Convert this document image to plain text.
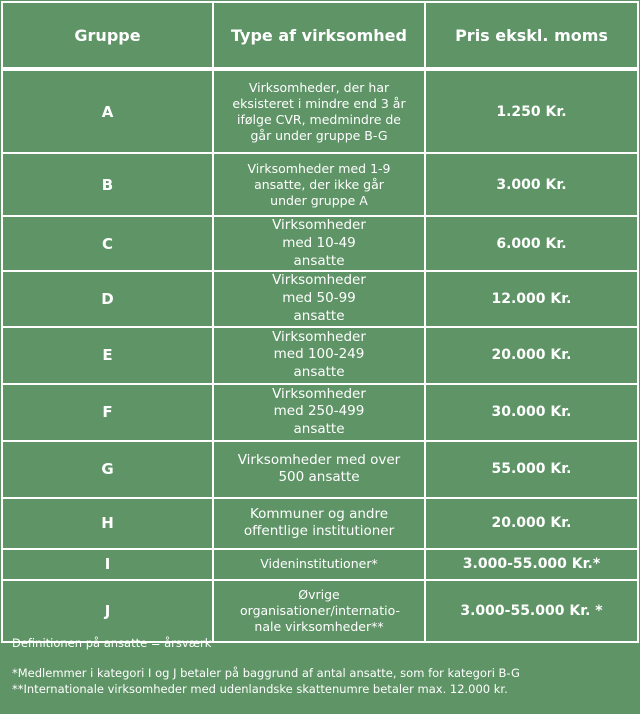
Gruppe	Type af virksomhed	Pris ekskl. moms
A	Virksomheder, der har eksisteret i mindre end 3 år ifølge CVR, medmindre de går under gruppe B-G	1.250 Kr.
B	Virksomheder med 1-9 ansatte, der ikke går under gruppe A	3.000 Kr.
C	Virksomheder med 10-49 ansatte	6.000 Kr.
D	Virksomheder med 50-99 ansatte	12.000 Kr.
E	Virksomheder med 100-249 ansatte	20.000 Kr.
F	Virksomheder med 250-499 ansatte	30.000 Kr.
G	Virksomheder med over 500 ansatte	55.000 Kr.
H	Kommuner og andre offentlige institutioner	20.000 Kr.
I	Videninstitutioner*	3.000-55.000 Kr.*
J	Øvrige organisationer/internatio-nale virksomheder**	3.000-55.000 Kr. *
Definitionen på ansatte = årsværk
*Medlemmer i kategori I og J betaler på baggrund af antal ansatte, som for kategori B-G
**Internationale virksomheder med udenlandske skattenumre betaler max. 12.000 kr.
